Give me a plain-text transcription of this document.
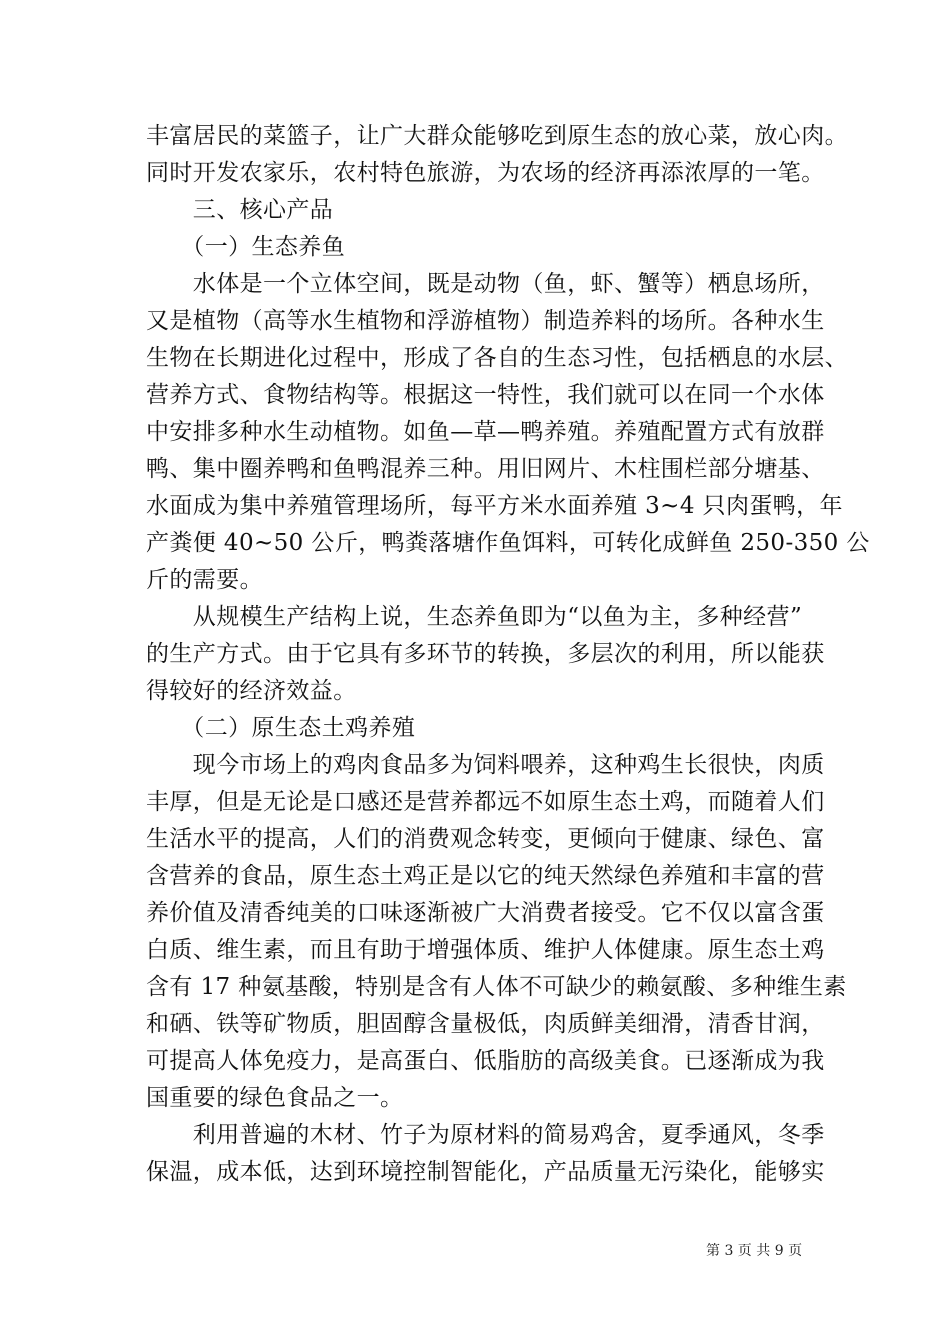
丰富居民的菜篮子，让广大群众能够吃到原生态的放心菜，放心肉。
同时开发农家乐，农村特色旅游，为农场的经济再添浓厚的一笔。
　　三、核心产品
　　（一）生态养鱼
　　水体是一个立体空间，既是动物（鱼，虾、蟹等）栖息场所，
又是植物（高等水生植物和浮游植物）制造养料的场所。各种水生
生物在长期进化过程中，形成了各自的生态习性，包括栖息的水层、
营养方式、食物结构等。根据这一特性，我们就可以在同一个水体
中安排多种水生动植物。如鱼—草—鸭养殖。养殖配置方式有放群
鸭、集中圈养鸭和鱼鸭混养三种。用旧网片、木柱围栏部分塘基、
水面成为集中养殖管理场所，每平方米水面养殖 3~4 只肉蛋鸭，年
产粪便 40~50 公斤，鸭粪落塘作鱼饵料，可转化成鲜鱼 250-350 公
斤的需要。
　　从规模生产结构上说，生态养鱼即为“以鱼为主，多种经营”
的生产方式。由于它具有多环节的转换，多层次的利用，所以能获
得较好的经济效益。
　　（二）原生态土鸡养殖
　　现今市场上的鸡肉食品多为饲料喂养，这种鸡生长很快，肉质
丰厚，但是无论是口感还是营养都远不如原生态土鸡，而随着人们
生活水平的提高，人们的消费观念转变，更倾向于健康、绿色、富
含营养的食品，原生态土鸡正是以它的纯天然绿色养殖和丰富的营
养价值及清香纯美的口味逐渐被广大消费者接受。它不仅以富含蛋
白质、维生素，而且有助于增强体质、维护人体健康。原生态土鸡
含有 17 种氨基酸，特别是含有人体不可缺少的赖氨酸、多种维生素
和硒、铁等矿物质，胆固醇含量极低，肉质鲜美细滑，清香甘润，
可提高人体免疫力，是高蛋白、低脂肪的高级美食。已逐渐成为我
国重要的绿色食品之一。
　　利用普遍的木材、竹子为原材料的简易鸡舍，夏季通风，冬季
保温，成本低，达到环境控制智能化，产品质量无污染化，能够实
第 3 页 共 9 页
